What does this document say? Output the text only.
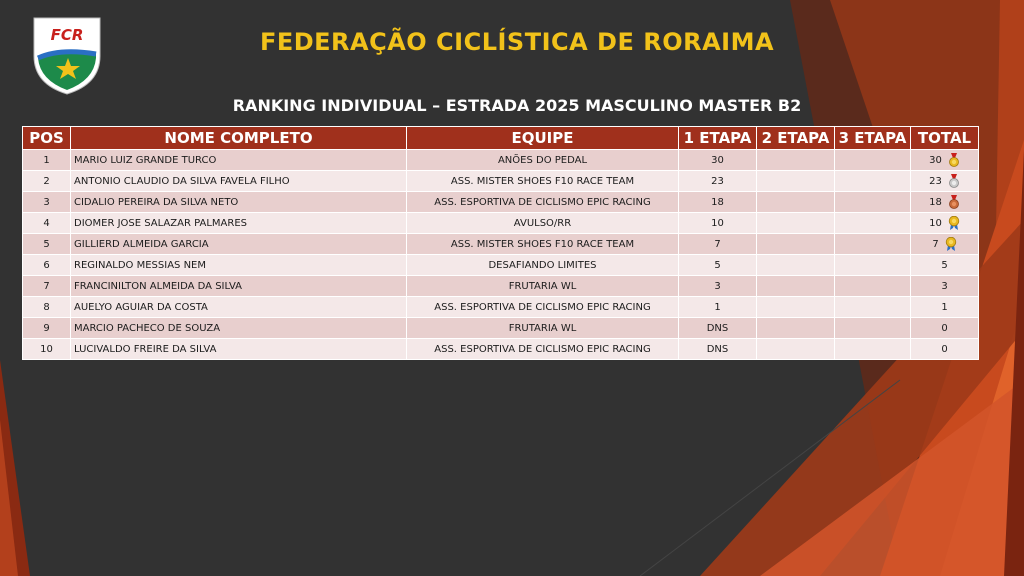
FCR	FEDERAÇÃO CICLÍSTICA DE RORAIMA
RANKING INDIVIDUAL – ESTRADA 2025 MASCULINO MASTER B2
POS	NOME COMPLETO	EQUIPE	1 ETAPA	2 ETAPA	3 ETAPA	TOTAL
1	MARIO LUIZ GRANDE TURCO	ANÕES DO PEDAL	30			30

2	ANTONIO CLAUDIO DA SILVA FAVELA FILHO	ASS. MISTER SHOES F10 RACE TEAM	23			23

3	CIDALIO PEREIRA DA SILVA NETO	ASS. ESPORTIVA DE CICLISMO EPIC RACING	18			18

4	DIOMER JOSE SALAZAR PALMARES	AVULSO/RR	10			10

5	GILLIERD ALMEIDA GARCIA	ASS. MISTER SHOES F10 RACE TEAM	7			7

6	REGINALDO MESSIAS NEM	DESAFIANDO LIMITES	5			5
7	FRANCINILTON ALMEIDA DA SILVA	FRUTARIA WL	3			3
8	AUELYO AGUIAR DA COSTA	ASS. ESPORTIVA DE CICLISMO EPIC RACING	1			1
9	MARCIO PACHECO DE SOUZA	FRUTARIA WL	DNS			0
10	LUCIVALDO FREIRE DA SILVA	ASS. ESPORTIVA DE CICLISMO EPIC RACING	DNS			0
